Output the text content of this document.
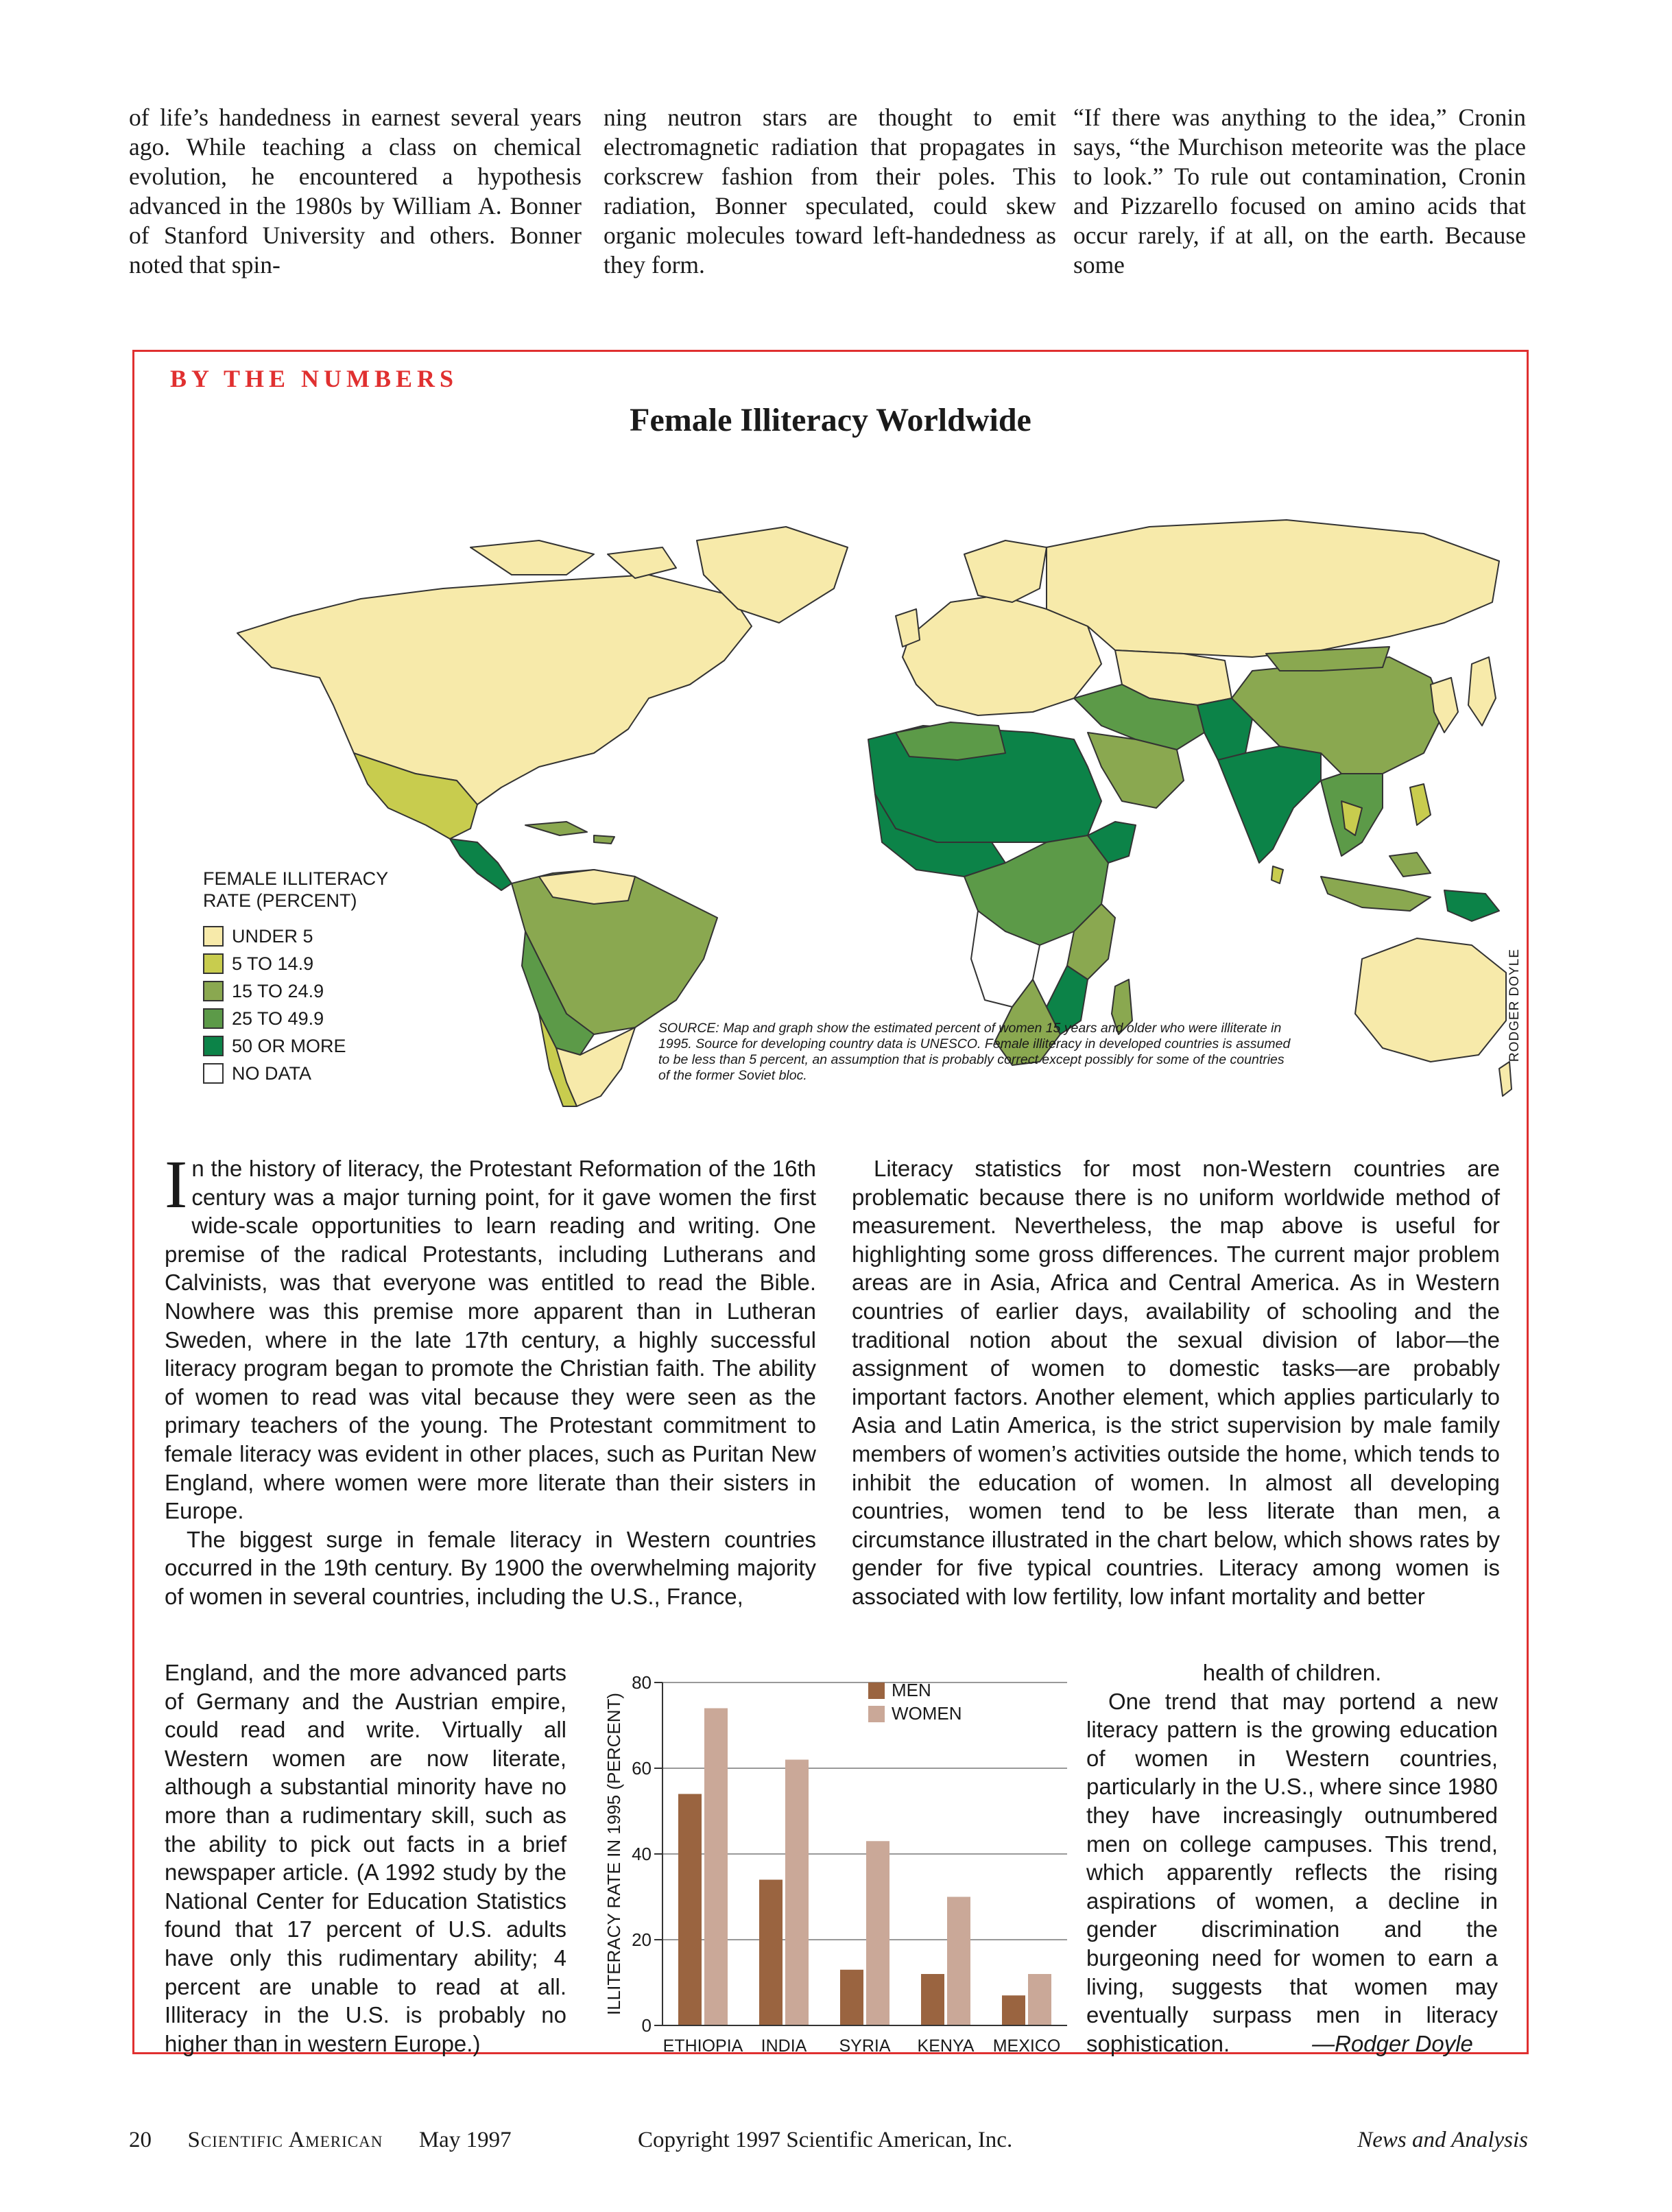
of life’s handedness in earnest several years ago. While teaching a class on chemical evolution, he encountered a hypothesis advanced in the 1980s by William A. Bonner of Stanford University and others. Bonner noted that spin-

ning neutron stars are thought to emit electromagnetic radiation that propagates in corkscrew fashion from their poles. This radiation, Bonner speculated, could skew organic molecules toward left-handedness as they form.

“If there was anything to the idea,” Cronin says, “the Murchison meteorite was the place to look.” To rule out contamination, Cronin and Pizzarello focused on amino acids that occur rarely, if at all, on the earth. Because some

BY THE NUMBERS
Female Illiteracy Worldwide
FEMALE ILLITERACY
RATE (PERCENT)
UNDER 5
5 TO 14.9
15 TO 24.9
25 TO 49.9
50 OR MORE
NO DATA
SOURCE: Map and graph show the estimated percent of women 15 years and older who were illiterate in 1995. Source for developing country data is UNESCO. Female illiteracy in developed countries is assumed to be less than 5 percent, an assumption that is probably correct except possibly for some of the countries of the former Soviet bloc.
RODGER DOYLE

In the history of literacy, the Protestant Reformation of the 16th century was a major turning point, for it gave women the first wide-scale opportunities to learn reading and writing. One premise of the radical Protestants, including Lutherans and Calvinists, was that everyone was entitled to read the Bible. Nowhere was this premise more apparent than in Lutheran Sweden, where in the late 17th century, a highly successful literacy program began to promote the Christian faith. The ability of women to read was vital because they were seen as the primary teachers of the young. The Protestant commitment to female literacy was evident in other places, such as Puritan New England, where women were more literate than their sisters in Europe.

The biggest surge in female literacy in Western countries occurred in the 19th century. By 1900 the overwhelming majority of women in several countries, including the U.S., France,

England, and the more advanced parts of Germany and the Austrian empire, could read and write. Virtually all Western women are now literate, although a substantial minority have no more than a rudimentary skill, such as the ability to pick out facts in a brief newspaper article. (A 1992 study by the National Center for Education Statistics found that 17 percent of U.S. adults have only this rudimentary ability; 4 percent are unable to read at all. Illiteracy in the U.S. is probably no higher than in western Europe.)

Literacy statistics for most non-Western countries are problematic because there is no uniform worldwide method of measurement. Nevertheless, the map above is useful for highlighting some gross differences. The current major problem areas are in Asia, Africa and Central America. As in Western countries of earlier days, availability of schooling and the traditional notion about the sexual division of labor—the assignment of women to domestic tasks—are probably important factors. Another element, which applies particularly to Asia and Latin America, is the strict supervision by male family members of women’s activities outside the home, which tends to inhibit the education of women. In almost all developing countries, women tend to be less literate than men, a circumstance illustrated in the chart below, which shows rates by gender for five typical countries. Literacy among women is associated with low fertility, low infant mortality and better

health of children.

One trend that may portend a new literacy pattern is the growing education of women in Western countries, particularly in the U.S., where since 1980 they have increasingly outnumbered men on college campuses. This trend, which apparently reflects the rising aspirations of women, a decline in gender discrimination and the burgeoning need for women to earn a living, suggests that women may eventually surpass men in literacy sophistication.	—Rodger Doyle

0
20
40
60
80
ETHIOPIA INDIA SYRIA KENYA MEXICO
ILLITERACY RATE IN 1995 (PERCENT)
MEN
WOMEN
20 Scientific American May 1997	Copyright 1997 Scientific American, Inc.	News and Analysis
